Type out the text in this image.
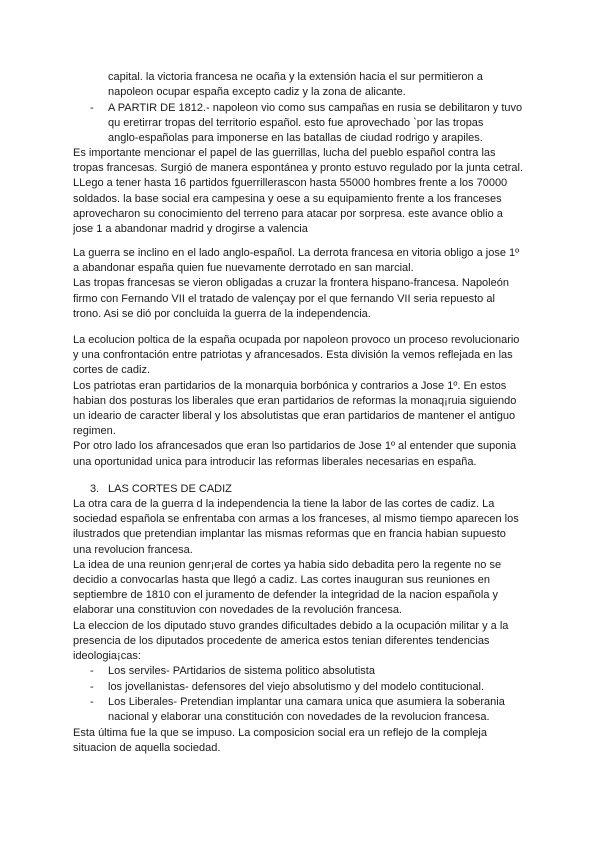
capital. la victoria francesa ne ocaña y la extensión hacia el sur permitieron a
napoleon ocupar españa excepto cadiz y la zona de alicante.
- A PARTIR DE 1812.- napoleon vio como sus campañas en rusia se debilitaron y tuvo
qu eretirrar tropas del territorio español. esto fue aprovechado `por las tropas
anglo-españolas para imponerse en las batallas de ciudad rodrigo y arapiles.
Es importante mencionar el papel de las guerrillas, lucha del pueblo español contra las
tropas francesas. Surgió de manera espontánea y pronto estuvo regulado por la junta cetral.
LLego a tener hasta 16 partidos fguerrillerascon hasta 55000 hombres frente a los 70000
soldados. la base social era campesina y oese a su equipamiento frente a los franceses
aprovecharon su conocimiento del terreno para atacar por sorpresa. este avance oblio a
jose 1 a abandonar madrid y drogirse a valencia
La guerra se inclino en el lado anglo-español. La derrota francesa en vitoria obligo a jose 1º
a abandonar españa quien fue nuevamente derrotado en san marcial.
Las tropas francesas se vieron obligadas a cruzar la frontera hispano-francesa. Napoleón
firmo con Fernando VII el tratado de valençay por el que fernando VII seria repuesto al
trono. Asi se dió por concluida la guerra de la independencia.
La ecolucion poltica de la españa ocupada por napoleon provoco un proceso revolucionario
y una confrontación entre patriotas y afrancesados. Esta división la vemos reflejada en las
cortes de cadiz.
Los patriotas eran partidarios de la monarquia borbónica y contrarios a Jose 1º. En estos
habian dos posturas los liberales que eran partidarios de reformas la monaq¡ruia siguiendo
un ideario de caracter liberal y los absolutistas que eran partidarios de mantener el antiguo
regimen.
Por otro lado los afrancesados que eran lso partidarios de Jose 1º al entender que suponia
una oportunidad unica para introducir las reformas liberales necesarias en españa.
3. LAS CORTES DE CADIZ
La otra cara de la guerra d la independencia la tiene la labor de las cortes de cadiz. La
sociedad española se enfrentaba con armas a los franceses, al mismo tiempo aparecen los
ilustrados que pretendian implantar las mismas reformas que en francia habian supuesto
una revolucion francesa.
La idea de una reunion genr¡eral de cortes ya habia sido debadita pero la regente no se
decidio a convocarlas hasta que llegó a cadiz. Las cortes inauguran sus reuniones en
septiembre de 1810 con el juramento de defender la integridad de la nacion española y
elaborar una constituvion con novedades de la revolución francesa.
La eleccion de los diputado stuvo grandes dificultades debido a la ocupación militar y a la
presencia de los diputados procedente de america estos tenian diferentes tendencias
ideologia¡cas:
- Los serviles- PArtidarios de sistema politico absolutista
- los jovellanistas- defensores del viejo absolutismo y del modelo contitucional.
- Los Liberales- Pretendian implantar una camara unica que asumiera la soberania
nacional y elaborar una constitución con novedades de la revolucion francesa.
Esta última fue la que se impuso. La composicion social era un reflejo de la compleja
situacion de aquella sociedad.
